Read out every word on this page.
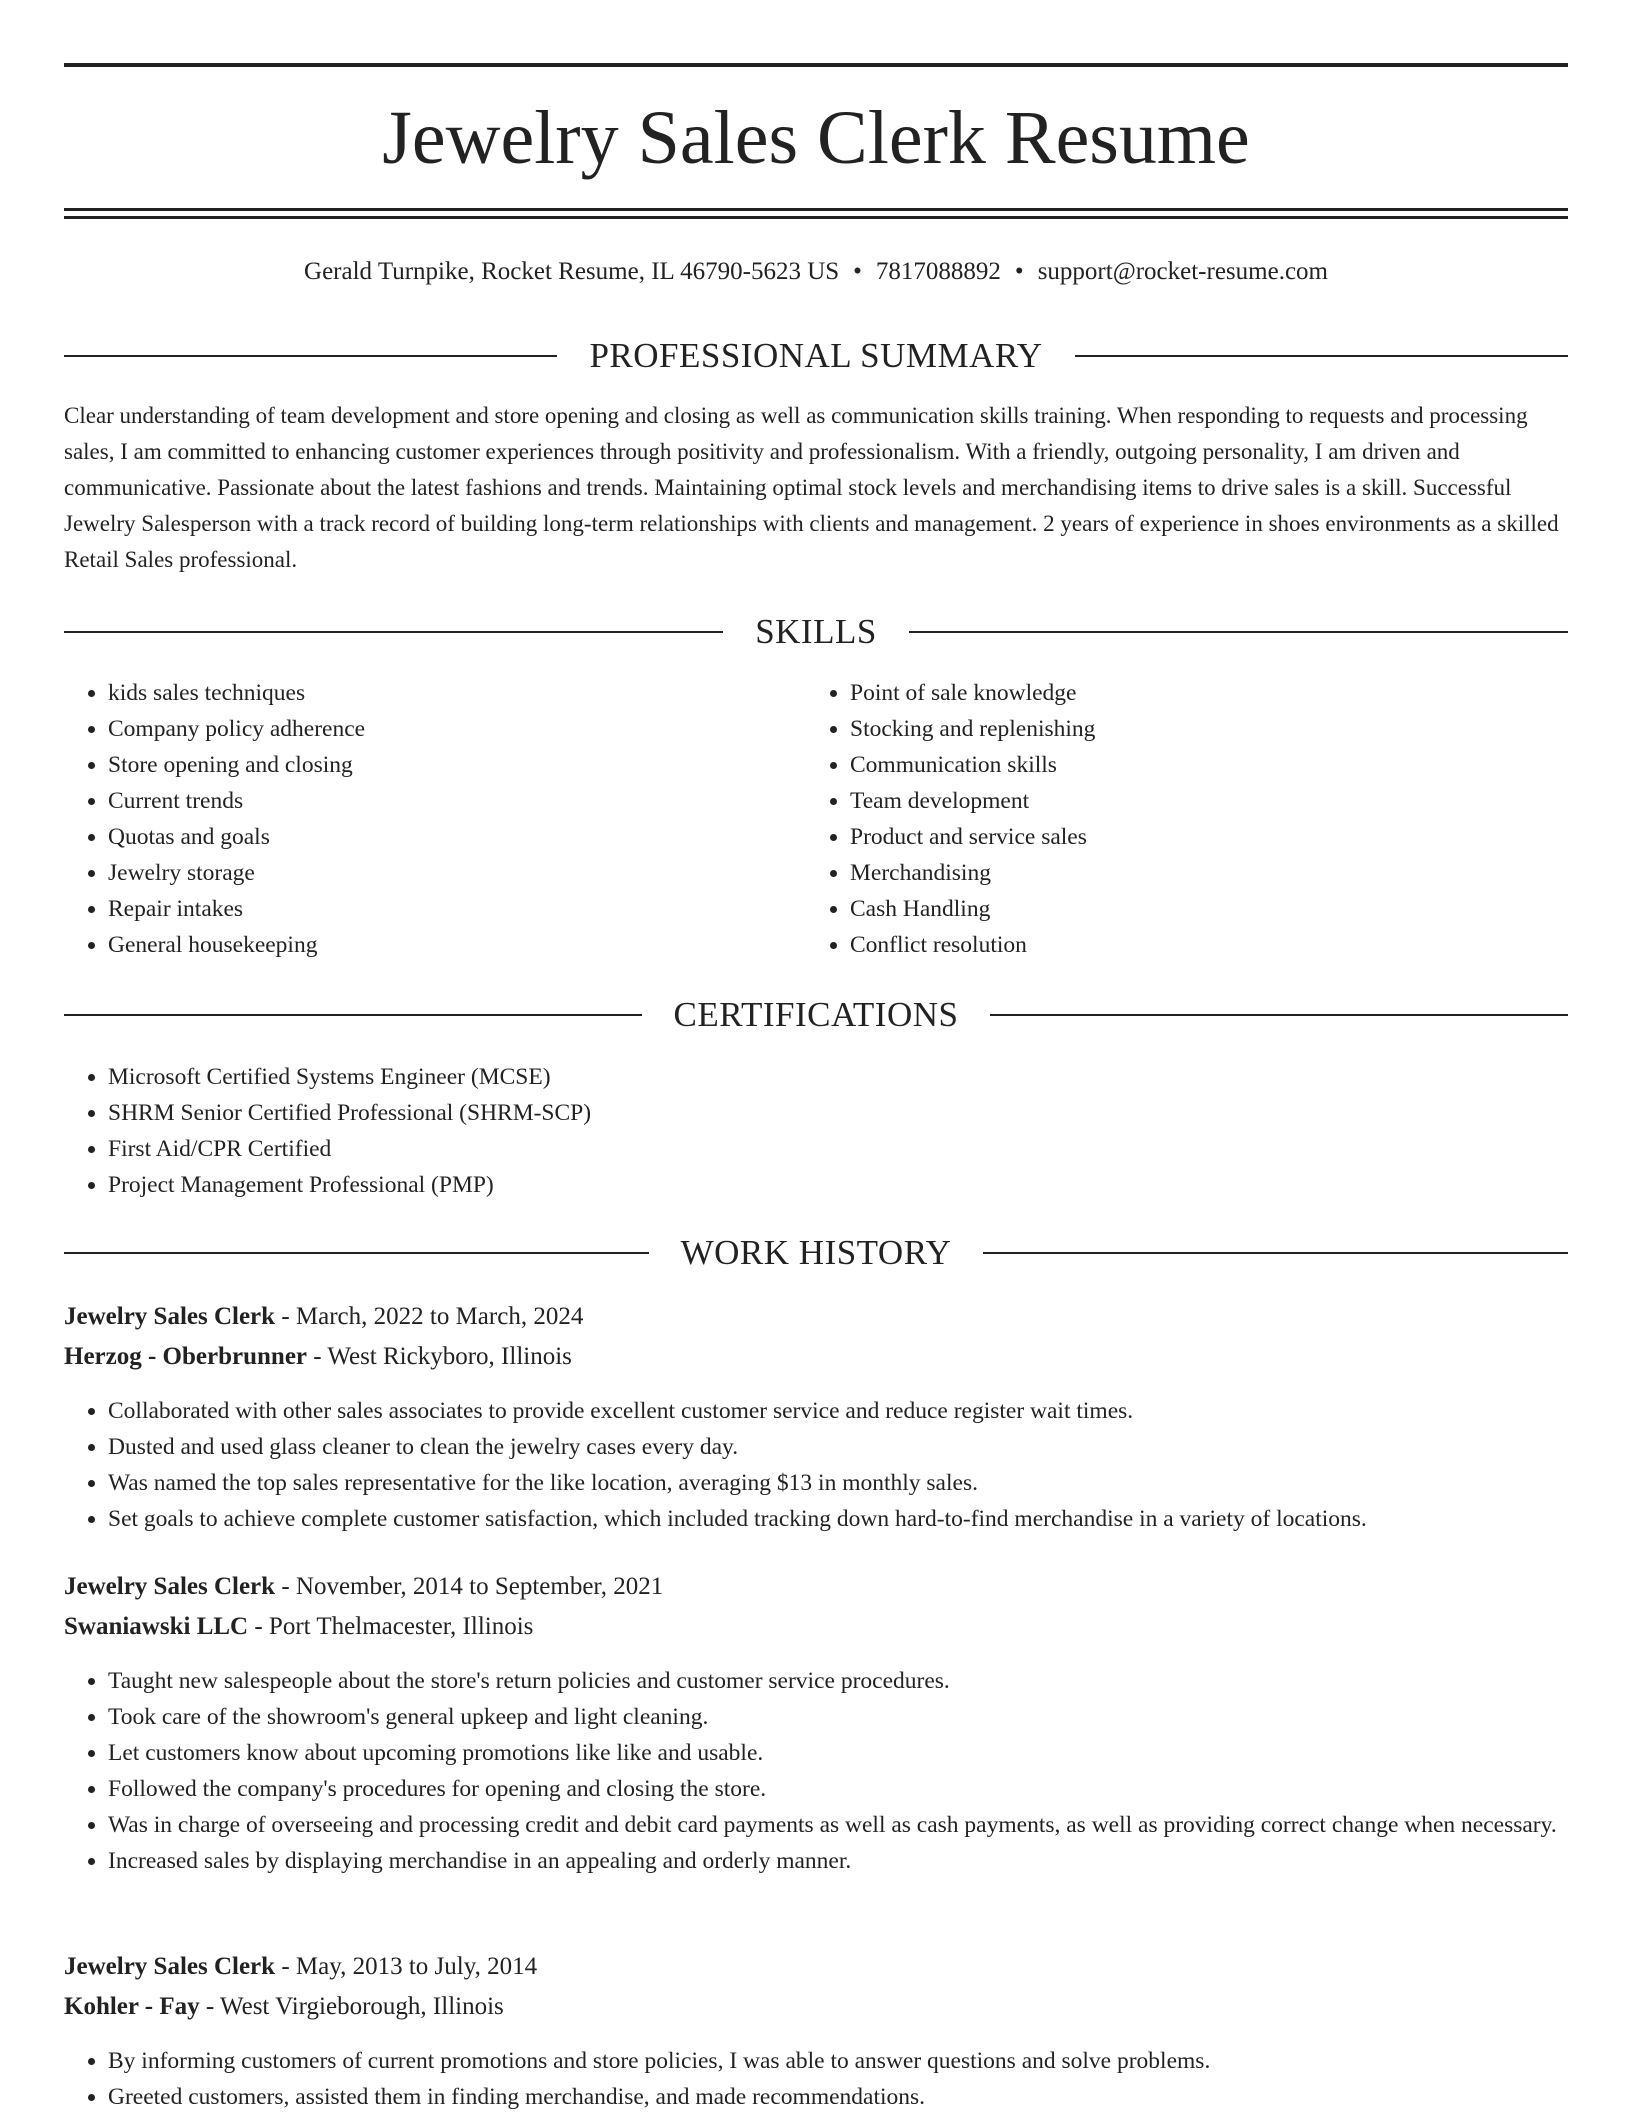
Jewelry Sales Clerk Resume
Gerald Turnpike, Rocket Resume, IL 46790-5623 US • 7817088892 • support@rocket-resume.com
PROFESSIONAL SUMMARY

Clear understanding of team development and store opening and closing as well as communication skills training. When responding to requests and processing sales, I am committed to enhancing customer experiences through positivity and professionalism. With a friendly, outgoing personality, I am driven and communicative. Passionate about the latest fashions and trends. Maintaining optimal stock levels and merchandising items to drive sales is a skill. Successful Jewelry Salesperson with a track record of building long-term relationships with clients and management. 2 years of experience in shoes environments as a skilled Retail Sales professional.

SKILLS
• kids sales techniques
• Company policy adherence
• Store opening and closing
• Current trends
• Quotas and goals
• Jewelry storage
• Repair intakes
• General housekeeping
• Point of sale knowledge
• Stocking and replenishing
• Communication skills
• Team development
• Product and service sales
• Merchandising
• Cash Handling
• Conflict resolution
CERTIFICATIONS
• Microsoft Certified Systems Engineer (MCSE)
• SHRM Senior Certified Professional (SHRM-SCP)
• First Aid/CPR Certified
• Project Management Professional (PMP)
WORK HISTORY
Jewelry Sales Clerk - March, 2022 to March, 2024
Herzog - Oberbrunner - West Rickyboro, Illinois
• Collaborated with other sales associates to provide excellent customer service and reduce register wait times.
• Dusted and used glass cleaner to clean the jewelry cases every day.
• Was named the top sales representative for the like location, averaging $13 in monthly sales.
• Set goals to achieve complete customer satisfaction, which included tracking down hard-to-find merchandise in a variety of locations.
Jewelry Sales Clerk - November, 2014 to September, 2021
Swaniawski LLC - Port Thelmacester, Illinois
• Taught new salespeople about the store's return policies and customer service procedures.
• Took care of the showroom's general upkeep and light cleaning.
• Let customers know about upcoming promotions like like and usable.
• Followed the company's procedures for opening and closing the store.
• Was in charge of overseeing and processing credit and debit card payments as well as cash payments, as well as providing correct change when necessary.
• Increased sales by displaying merchandise in an appealing and orderly manner.
Jewelry Sales Clerk - May, 2013 to July, 2014
Kohler - Fay - West Virgieborough, Illinois
• By informing customers of current promotions and store policies, I was able to answer questions and solve problems.
• Greeted customers, assisted them in finding merchandise, and made recommendations.
